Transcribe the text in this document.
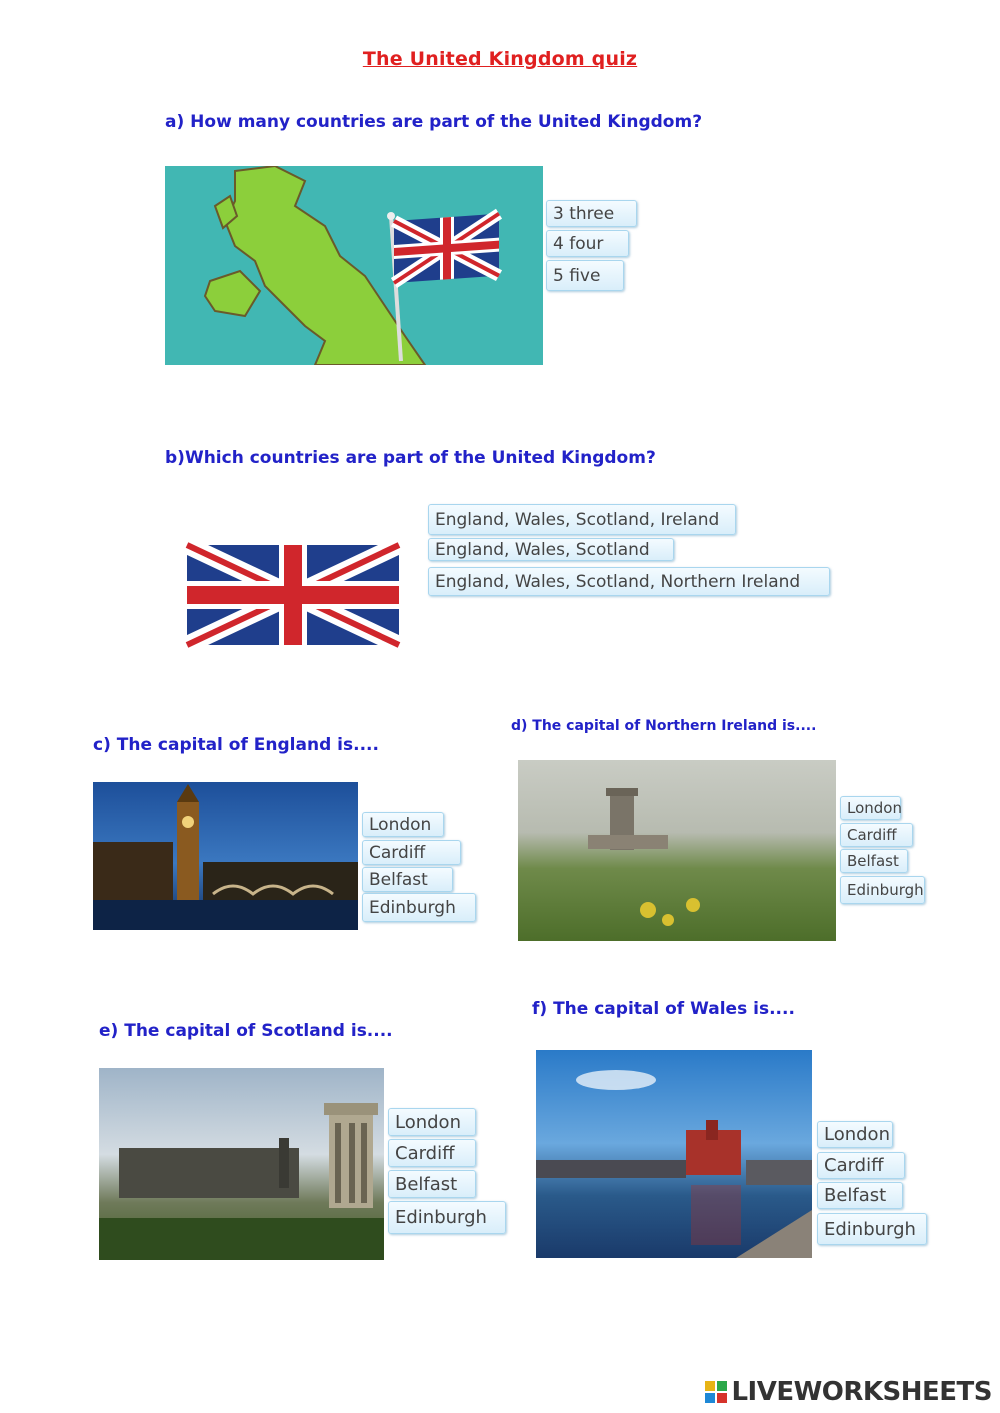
The United Kingdom quiz
a) How many countries are part of the United Kingdom?
3 three
4 four
5 five
b)Which countries are part of the United Kingdom?
England, Wales, Scotland, Ireland
England, Wales, Scotland
England, Wales, Scotland, Northern Ireland
c) The capital of England is....
London
Cardiff
Belfast
Edinburgh
d) The capital of Northern Ireland is....
London
Cardiff
Belfast
Edinburgh
e) The capital of Scotland is....
London
Cardiff
Belfast
Edinburgh
f) The capital of Wales is....
London
Cardiff
Belfast
Edinburgh
LIVEWORKSHEETS
